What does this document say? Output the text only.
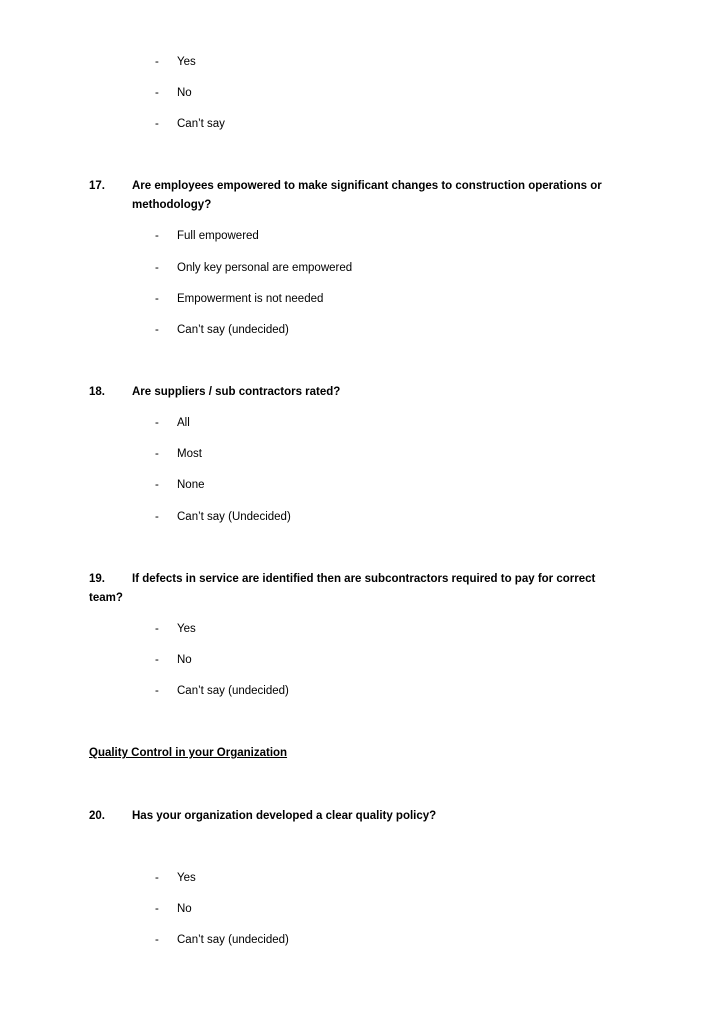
- Yes
- No
- Can’t say
17. Are employees empowered to make significant changes to construction operations or
methodology?
- Full empowered
- Only key personal are empowered
- Empowerment is not needed
- Can’t say (undecided)
18. Are suppliers / sub contractors rated?
- All
- Most
- None
- Can’t say (Undecided)
19. If defects in service are identified then are subcontractors required to pay for correct
team?
- Yes
- No
- Can’t say (undecided)
Quality Control in your Organization
20. Has your organization developed a clear quality policy?
- Yes
- No
- Can’t say (undecided)
